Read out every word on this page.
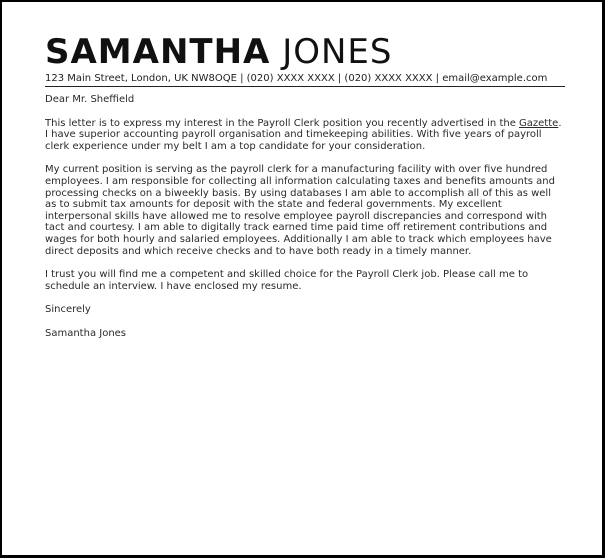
SAMANTHA JONES
123 Main Street, London, UK NW8OQE | (020) XXXX XXXX | (020) XXXX XXXX | email@example.com

Dear Mr. Sheffield

This letter is to express my interest in the Payroll Clerk position you recently advertised in the Gazette. I have superior accounting payroll organisation and timekeeping abilities. With five years of payroll clerk experience under my belt I am a top candidate for your consideration.

My current position is serving as the payroll clerk for a manufacturing facility with over five hundred employees. I am responsible for collecting all information calculating taxes and benefits amounts and processing checks on a biweekly basis. By using databases I am able to accomplish all of this as well as to submit tax amounts for deposit with the state and federal governments. My excellent interpersonal skills have allowed me to resolve employee payroll discrepancies and correspond with tact and courtesy. I am able to digitally track earned time paid time off retirement contributions and wages for both hourly and salaried employees. Additionally I am able to track which employees have direct deposits and which receive checks and to have both ready in a timely manner.

I trust you will find me a competent and skilled choice for the Payroll Clerk job. Please call me to schedule an interview. I have enclosed my resume.

Sincerely

Samantha Jones
